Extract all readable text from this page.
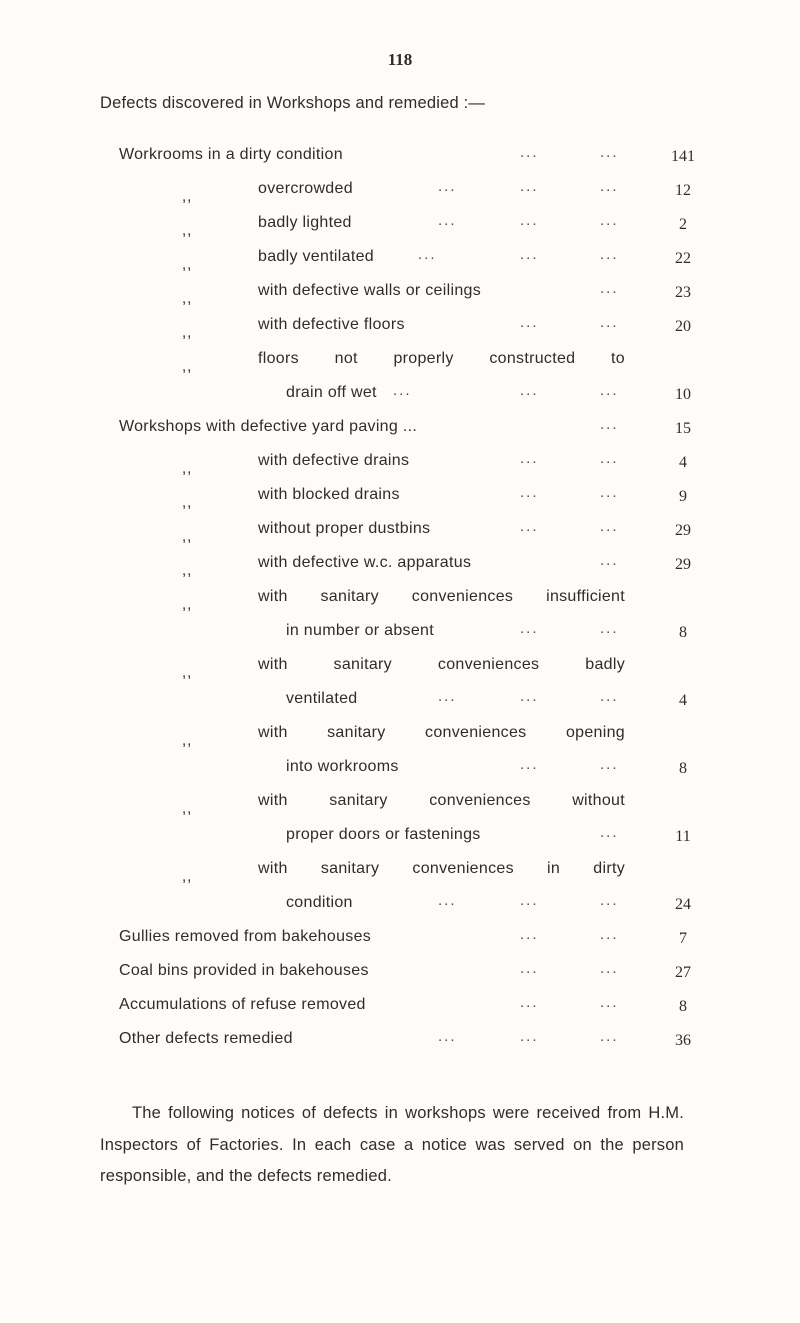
118
Defects discovered in Workshops and remedied :—
Workrooms in a dirty condition	...	...	141
,,	overcrowded	...	...	...	12
,,	badly lighted	...	...	...	2
,,	badly ventilated	...	...	...	22
,,	with defective walls or ceilings	...	23
,,	with defective floors	...	...	20
,,	floors not properly constructed to
drain off wet ...	...	...	10
Workshops with defective yard paving ...	...	15
,,	with defective drains	...	...	4
,,	with blocked drains	...	...	9
,,	without proper dustbins	...	...	29
,,	with defective w.c. apparatus	...	29
,,	with sanitary conveniences insufficient
in number or absent	...	...	8
,,	with sanitary conveniences badly
ventilated	...	...	...	4
,,	with sanitary conveniences opening
into workrooms	...	...	8
,,	with sanitary conveniences without
proper doors or fastenings	...	11
,,	with sanitary conveniences in dirty
condition	...	...	...	24
Gullies removed from bakehouses	...	...	7
Coal bins provided in bakehouses	...	...	27
Accumulations of refuse removed	...	...	8
Other defects remedied	...	...	...	36
The following notices of defects in workshops were received from H.M. Inspectors of Factories. In each case a notice was served on the person responsible, and the defects remedied.
